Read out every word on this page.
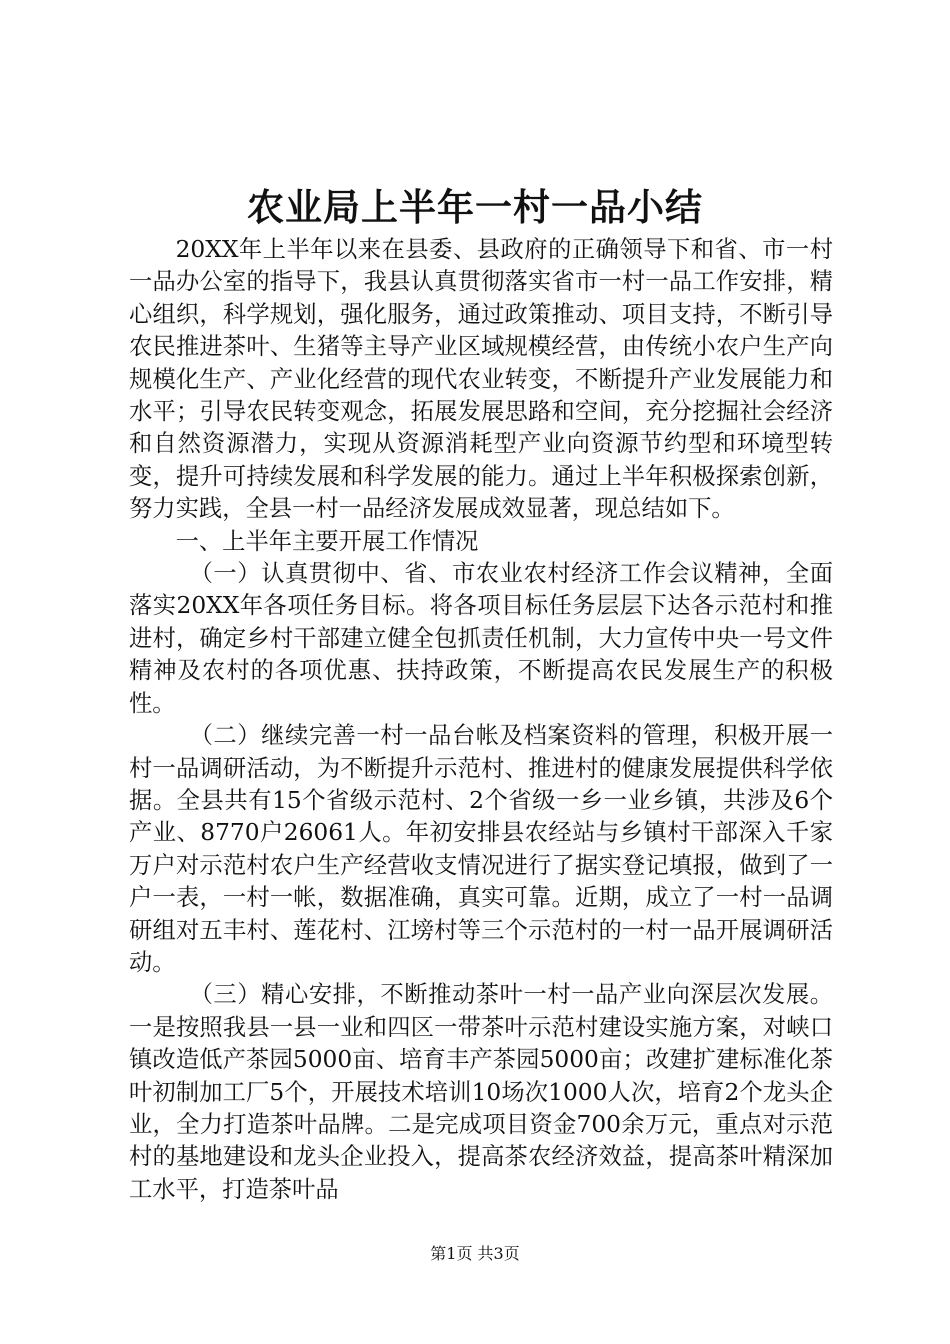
农业局上半年一村一品小结

20XX年上半年以来在县委、县政府的正确领导下和省、市一村一品办公室的指导下，我县认真贯彻落实省市一村一品工作安排，精心组织，科学规划，强化服务，通过政策推动、项目支持，不断引导农民推进茶叶、生猪等主导产业区域规模经营，由传统小农户生产向规模化生产、产业化经营的现代农业转变，不断提升产业发展能力和水平；引导农民转变观念，拓展发展思路和空间，充分挖掘社会经济和自然资源潜力，实现从资源消耗型产业向资源节约型和环境型转变，提升可持续发展和科学发展的能力。通过上半年积极探索创新，努力实践，全县一村一品经济发展成效显著，现总结如下。

一、上半年主要开展工作情况

（一）认真贯彻中、省、市农业农村经济工作会议精神，全面落实20XX年各项任务目标。将各项目标任务层层下达各示范村和推进村，确定乡村干部建立健全包抓责任机制，大力宣传中央一号文件精神及农村的各项优惠、扶持政策，不断提高农民发展生产的积极性。

（二）继续完善一村一品台帐及档案资料的管理，积极开展一村一品调研活动，为不断提升示范村、推进村的健康发展提供科学依据。全县共有15个省级示范村、2个省级一乡一业乡镇，共涉及6个产业、8770户26061人。年初安排县农经站与乡镇村干部深入千家万户对示范村农户生产经营收支情况进行了据实登记填报，做到了一户一表，一村一帐，数据准确，真实可靠。近期，成立了一村一品调研组对五丰村、莲花村、江塝村等三个示范村的一村一品开展调研活动。

（三）精心安排，不断推动茶叶一村一品产业向深层次发展。一是按照我县一县一业和四区一带茶叶示范村建设实施方案，对峡口镇改造低产茶园5000亩、培育丰产茶园5000亩；改建扩建标准化茶叶初制加工厂5个，开展技术培训10场次1000人次，培育2个龙头企业，全力打造茶叶品牌。二是完成项目资金700余万元，重点对示范村的基地建设和龙头企业投入，提高茶农经济效益，提高茶叶精深加工水平，打造茶叶品

第1页 共3页
